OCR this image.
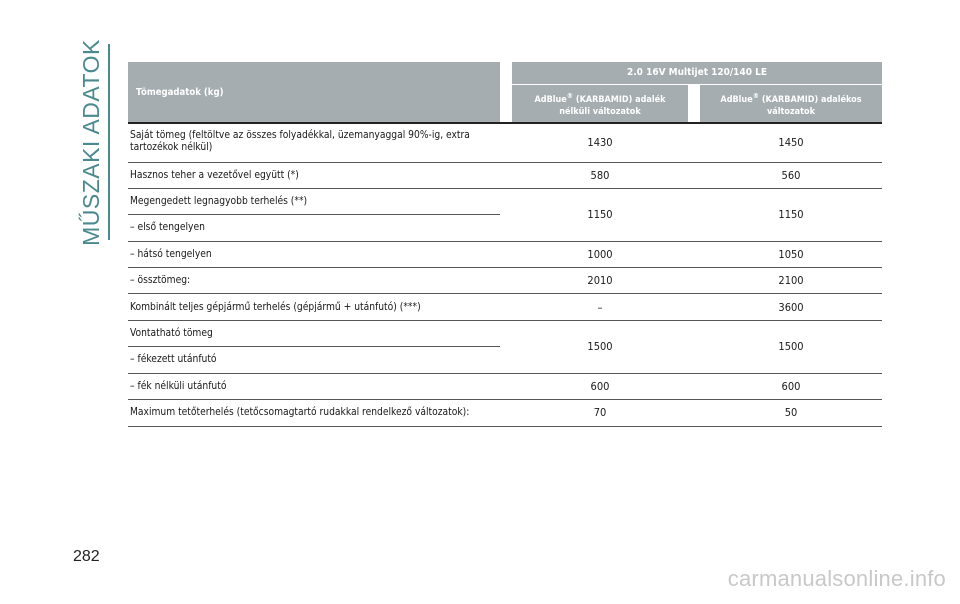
MŰSZAKI ADATOK	Tömegadatok (kg)
2.0 16V Multijet 120/140 LE
AdBlue® (KARBAMID) adalék
nélküli változatok
AdBlue® (KARBAMID) adalékos
változatok
Saját tömeg (feltöltve az összes folyadékkal, üzemanyaggal 90%-ig, extra tartozékok nélkül)	1430	1450
Hasznos teher a vezetővel együtt (*)	580	560
Megengedett legnagyobb terhelés (**)
– első tengelyen
1150	1150
– hátsó tengelyen	1000	1050
– össztömeg:	2010	2100
Kombinált teljes gépjármű terhelés (gépjármű + utánfutó) (***)	–	3600
Vontatható tömeg
– fékezett utánfutó
1500	1500
– fék nélküli utánfutó	600	600
Maximum tetőterhelés (tetőcsomagtartó rudakkal rendelkező változatok):	70	50
282
carmanualsonline.info
